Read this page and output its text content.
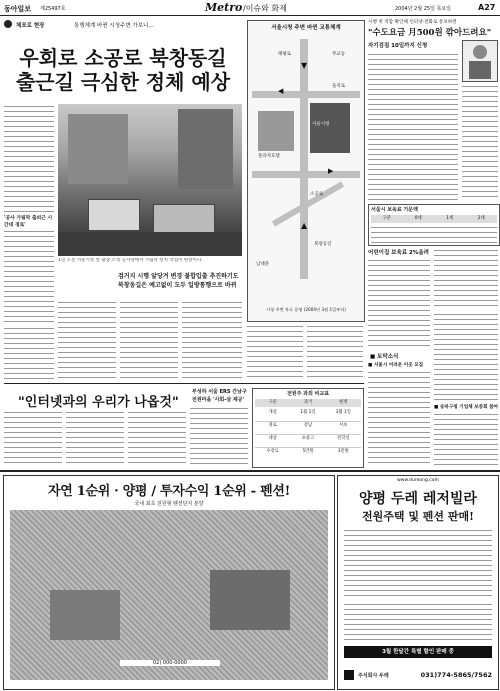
동아일보 제25497호	Metro /이슈와 화제	2004년 2월 25일 목요일	A27
체포로 현장	통행체계 바뀐 시청주변 가보니…
우회로 소공로 북창동길
출근길 극심한 정체 예상
1일 오전 서울시청 앞 광장 조성 공사장에서 가림막 설치 작업이 한창이다.
검거지 시행 앞당겨 변경 불합입출 추진하기도
북창동길은 예고없이 도두 일방통행으로 바뀌
'공사 가림막 출퇴근 시간대 경로'
서울시청 주변 바뀐 교통체계
▼
▲
◀
▶
서울시청
플라자호텔
소공로
태평로
을지로
북창동길
남대문
무교동
시청 주변 차로 운영 (2004년 3월 1일부터)
시행 첫 적합 확인해 인터넷·전화로 통보하면
"수도요금 月500원 깎아드려요"
자기검침 10일까지 신청
서울시 보육료 가문액
구분	0세	1세	2세
어린이집 보육료 2%올려
■ 토막소식
■ 서울시 어려운 이웃 모집
■ 송파구청 기업체 보증회 참여
"인터넷과의 우리가 나옵것"
부성하 서울 ERS 간남구
전원마을 '사회-살 제공'
전원주 과외 비교표
구분	과거	현재
개설	1월 1일	3월 1일
경로	강남	서초
대상	초중고	전학년
수강료	5만원	3만원
자연 1순위 · 양평 / 투자수익 1순위 - 펜션!
국내 최초 전원형 펜션단지 분양
02) 000-0000
www.dureong.com
양평 두레 레저빌라
전원주택 및 펜션 판매!
3월 한달간 특별 할인 판매 중
주식회사 두레	031)774-5865/7562
